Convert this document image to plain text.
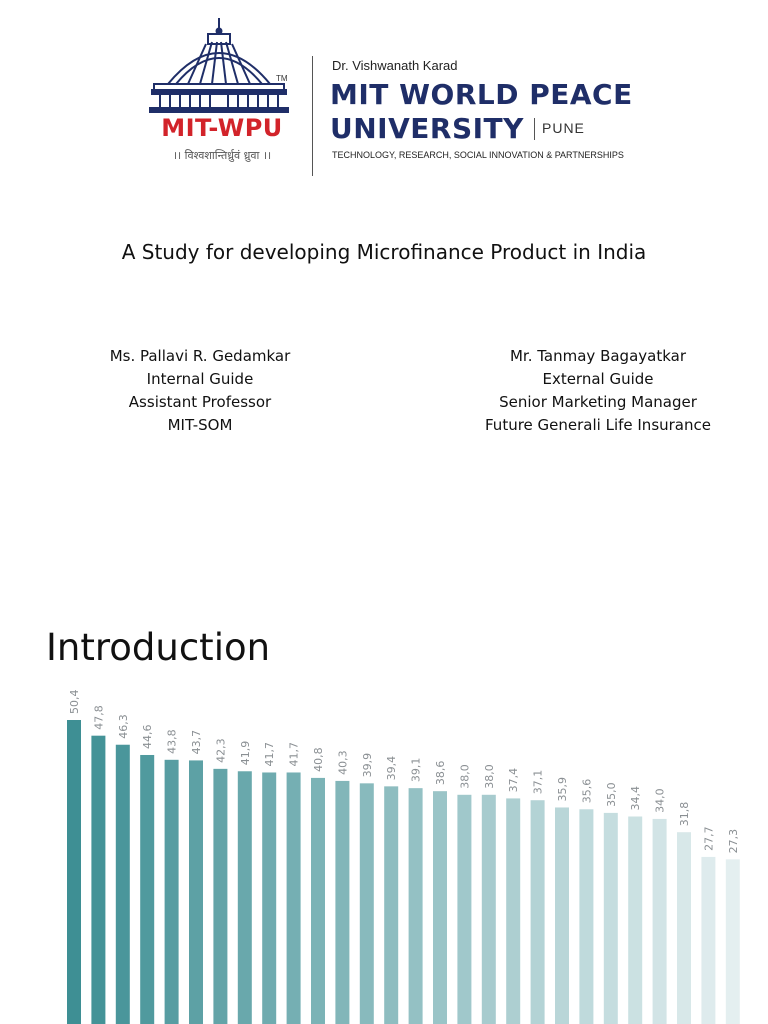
TM
MIT-WPU
।। विश्वशान्तिर्ध्रुवं ध्रुवा ।।
Dr. Vishwanath Karad
MIT WORLD PEACE
UNIVERSITY PUNE
TECHNOLOGY, RESEARCH, SOCIAL INNOVATION & PARTNERSHIPS
A Study for developing Microfinance Product in India
Ms. Pallavi R. Gedamkar
Internal Guide
Assistant Professor
MIT-SOM
Mr. Tanmay Bagayatkar
External Guide
Senior Marketing Manager
Future Generali Life Insurance
Introduction
50,4
47,8 46,3 44,6 43,8 43,7 42,3 41,9 41,7 41,7 40,8 40,3 39,9 39,4 39,1 38,6 38,0 38,0 37,4 37,1 35,9 35,6 35,0 34,4 34,0
31,8
27,7 27,3
